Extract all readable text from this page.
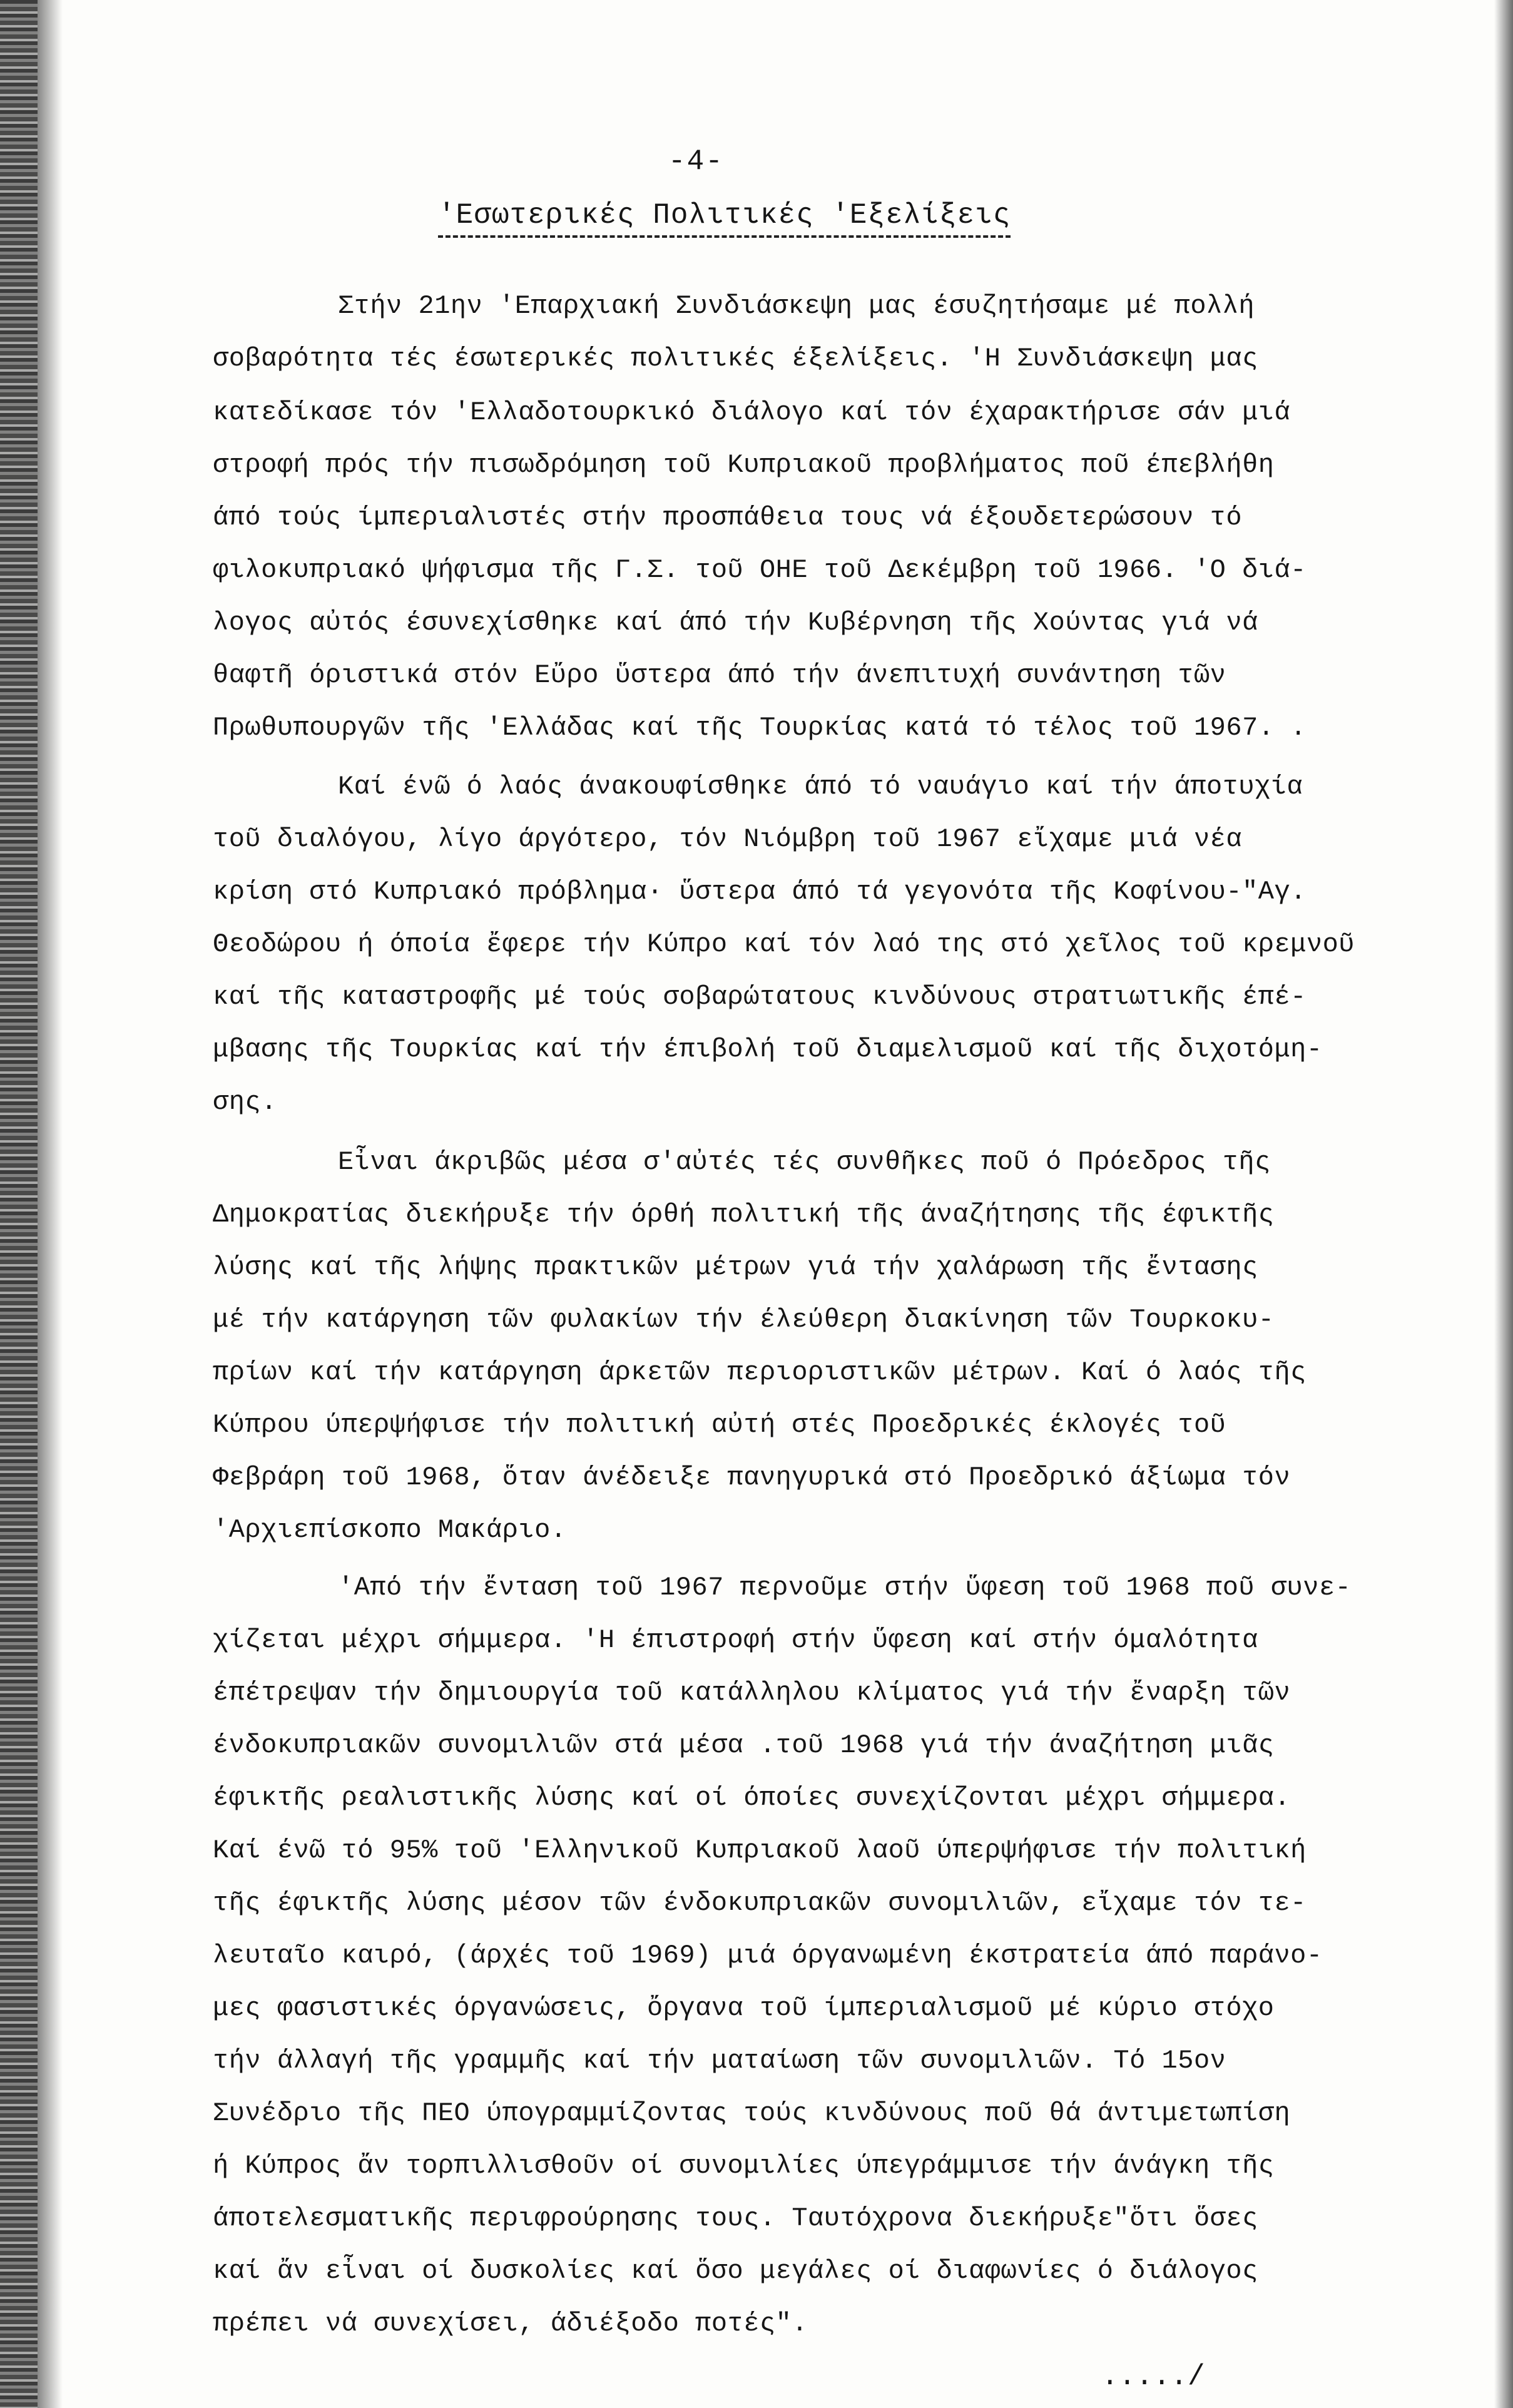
-4-
'Εσωτερικές Πολιτικές 'Εξελίξεις
Στήν 21ην 'Επαρχιακή Συνδιάσκεψη μας έσυζητήσαμε μέ πολλή
σοβαρότητα τές έσωτερικές πολιτικές έξελίξεις. 'Η Συνδιάσκεψη μας
κατεδίκασε τόν 'Ελλαδοτουρκικό διάλογο καί τόν έχαρακτήρισε σάν μιά
στροφή πρός τήν πισωδρόμηση τοῦ Κυπριακοῦ προβλήματος ποῦ έπεβλήθη
άπό τούς ίμπεριαλιστές στήν προσπάθεια τους νά έξουδετερώσουν τό
φιλοκυπριακό ψήφισμα τῆς Γ.Σ. τοῦ ΟΗΕ τοῦ Δεκέμβρη τοῦ 1966. 'Ο διά-
λογος αὐτός έσυνεχίσθηκε καί άπό τήν Κυβέρνηση τῆς Χούντας γιά νά
θαφτῆ όριστικά στόν Εὔρο ὕστερα άπό τήν άνεπιτυχή συνάντηση τῶν
Πρωθυπουργῶν τῆς 'Ελλάδας καί τῆς Τουρκίας κατά τό τέλος τοῦ 1967. .
Καί ένῶ ό λαός άνακουφίσθηκε άπό τό ναυάγιο καί τήν άποτυχία
τοῦ διαλόγου, λίγο άργότερο, τόν Νιόμβρη τοῦ 1967 εἴχαμε μιά νέα
κρίση στό Κυπριακό πρόβλημα· ὕστερα άπό τά γεγονότα τῆς Κοφίνου-"Αγ.
Θεοδώρου ή όποία ἔφερε τήν Κύπρο καί τόν λαό της στό χεῖλος τοῦ κρεμνοῦ
καί τῆς καταστροφῆς μέ τούς σοβαρώτατους κινδύνους στρατιωτικῆς έπέ-
μβασης τῆς Τουρκίας καί τήν έπιβολή τοῦ διαμελισμοῦ καί τῆς διχοτόμη-
σης.
Εἶναι άκριβῶς μέσα σ'αὐτές τές συνθῆκες ποῦ ό Πρόεδρος τῆς
Δημοκρατίας διεκήρυξε τήν όρθή πολιτική τῆς άναζήτησης τῆς έφικτῆς
λύσης καί τῆς λήψης πρακτικῶν μέτρων γιά τήν χαλάρωση τῆς ἔντασης
μέ τήν κατάργηση τῶν φυλακίων τήν έλεύθερη διακίνηση τῶν Τουρκοκυ-
πρίων καί τήν κατάργηση άρκετῶν περιοριστικῶν μέτρων. Καί ό λαός τῆς
Κύπρου ύπερψήφισε τήν πολιτική αὐτή στές Προεδρικές έκλογές τοῦ
Φεβράρη τοῦ 1968, ὅταν άνέδειξε πανηγυρικά στό Προεδρικό άξίωμα τόν
'Αρχιεπίσκοπο Μακάριο.
'Από τήν ἔνταση τοῦ 1967 περνοῦμε στήν ὕφεση τοῦ 1968 ποῦ συνε-
χίζεται μέχρι σήμμερα. 'Η έπιστροφή στήν ὕφεση καί στήν όμαλότητα
έπέτρεψαν τήν δημιουργία τοῦ κατάλληλου κλίματος γιά τήν ἔναρξη τῶν
ένδοκυπριακῶν συνομιλιῶν στά μέσα .τοῦ 1968 γιά τήν άναζήτηση μιᾶς
έφικτῆς ρεαλιστικῆς λύσης καί οί όποίες συνεχίζονται μέχρι σήμμερα.
Καί ένῶ τό 95% τοῦ 'Ελληνικοῦ Κυπριακοῦ λαοῦ ύπερψήφισε τήν πολιτική
τῆς έφικτῆς λύσης μέσον τῶν ένδοκυπριακῶν συνομιλιῶν, εἴχαμε τόν τε-
λευταῖο καιρό, (άρχές τοῦ 1969) μιά όργανωμένη έκστρατεία άπό παράνο-
μες φασιστικές όργανώσεις, ὄργανα τοῦ ίμπεριαλισμοῦ μέ κύριο στόχο
τήν άλλαγή τῆς γραμμῆς καί τήν ματαίωση τῶν συνομιλιῶν. Τό 15ον
Συνέδριο τῆς ΠΕΟ ύπογραμμίζοντας τούς κινδύνους ποῦ θά άντιμετωπίση
ή Κύπρος ἄν τορπιλλισθοῦν οί συνομιλίες ύπεγράμμισε τήν άνάγκη τῆς
άποτελεσματικῆς περιφρούρησης τους. Ταυτόχρονα διεκήρυξε"ὅτι ὅσες
καί ἄν εἶναι οί δυσκολίες καί ὅσο μεγάλες οί διαφωνίες ό διάλογος
πρέπει νά συνεχίσει, άδιέξοδο ποτές".
...../
